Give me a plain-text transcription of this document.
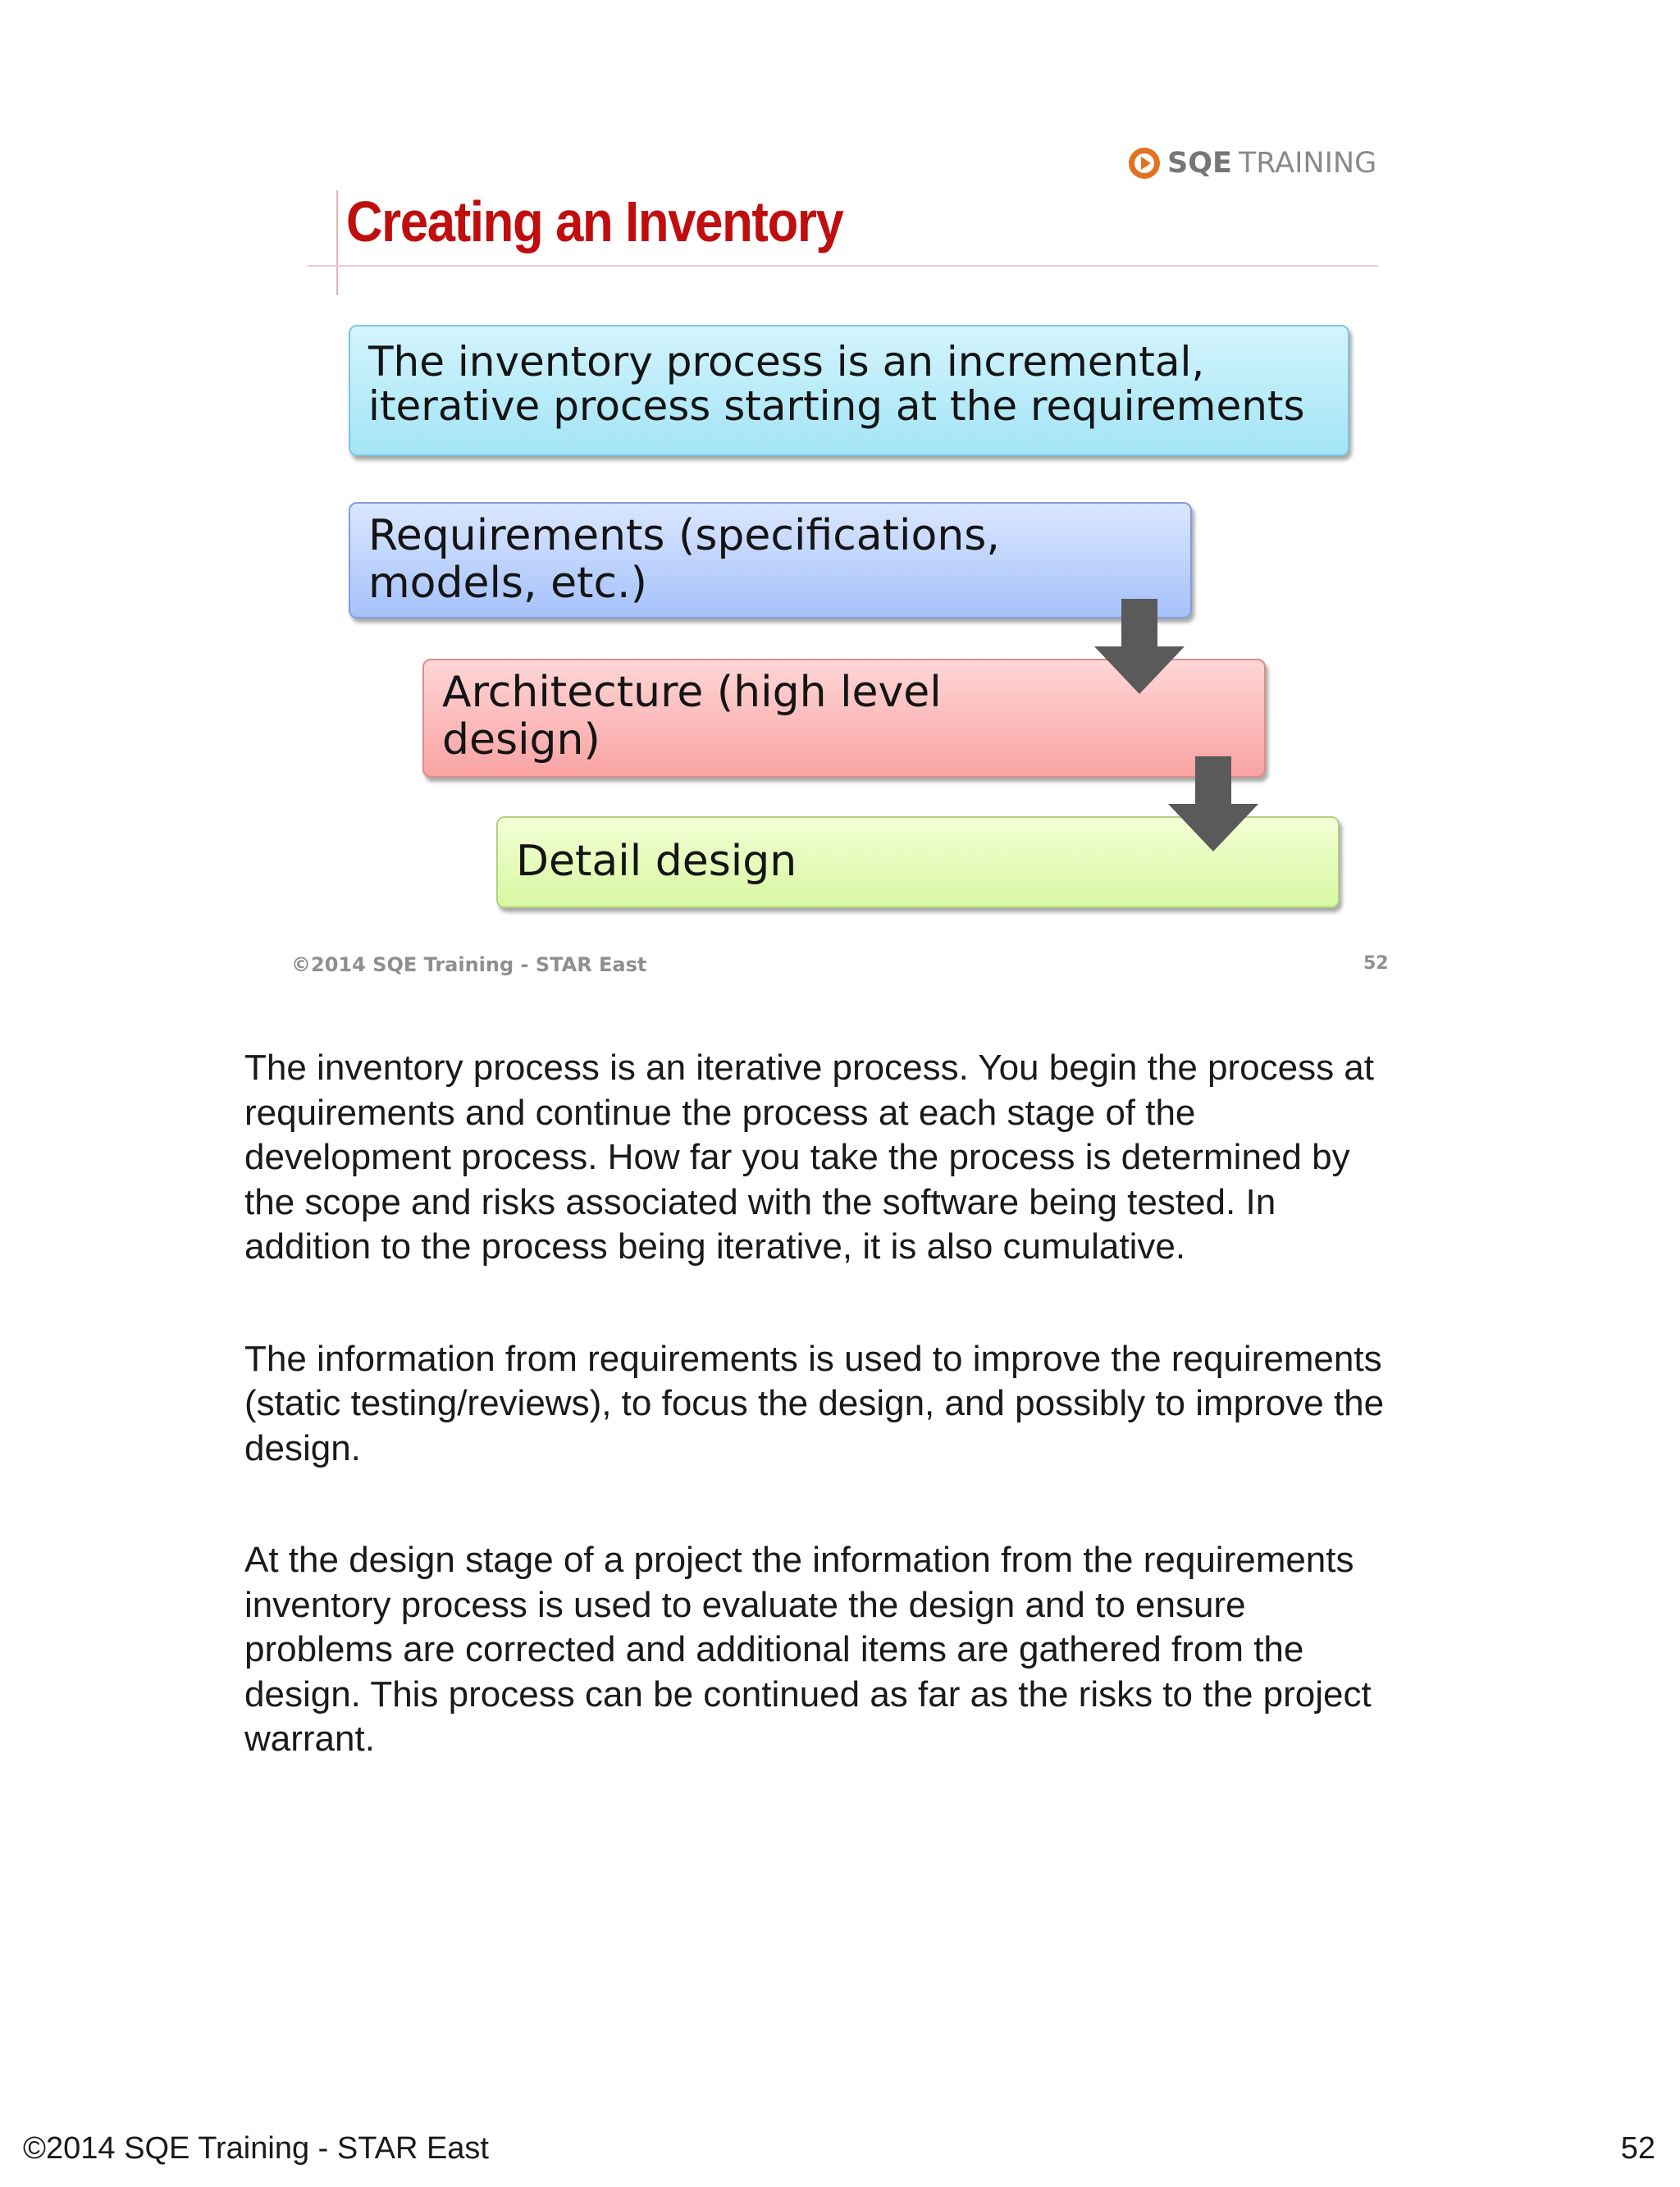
SQE TRAINING
Creating an Inventory
The inventory process is an incremental,
iterative process starting at the requirements
Requirements (specifications,
models, etc.)
Architecture (high level
design)
Detail design
©2014 SQE Training - STAR East	52

The inventory process is an iterative process. You begin the process at
requirements and continue the process at each stage of the
development process. How far you take the process is determined by
the scope and risks associated with the software being tested. In
addition to the process being iterative, it is also cumulative.

The information from requirements is used to improve the requirements
(static testing/reviews), to focus the design, and possibly to improve the
design.

At the design stage of a project the information from the requirements
inventory process is used to evaluate the design and to ensure
problems are corrected and additional items are gathered from the
design. This process can be continued as far as the risks to the project
warrant.

©2014 SQE Training - STAR East	52
